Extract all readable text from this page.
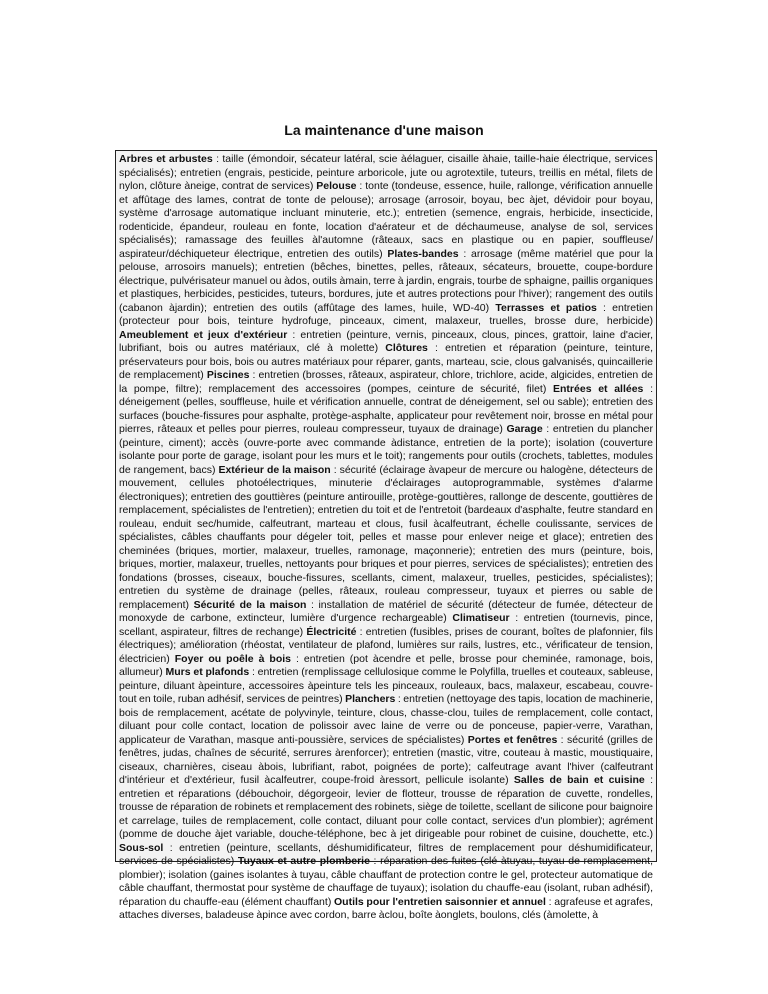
La maintenance d'une maison

Arbres et arbustes : taille (émondoir, sécateur latéral, scie àélaguer, cisaille àhaie, taille-haie électrique, services spécialisés); entretien (engrais, pesticide, peinture arboricole, jute ou agrotextile, tuteurs, treillis en métal, filets de nylon, clôture àneige, contrat de services) Pelouse : tonte (tondeuse, essence, huile, rallonge, vérification annuelle et affûtage des lames, contrat de tonte de pelouse); arrosage (arrosoir, boyau, bec àjet, dévidoir pour boyau, système d'arrosage automatique incluant minuterie, etc.); entretien (semence, engrais, herbicide, insecticide, rodenticide, épandeur, rouleau en fonte, location d'aérateur et de déchaumeuse, analyse de sol, services spécialisés); ramassage des feuilles àl'automne (râteaux, sacs en plastique ou en papier, souffleuse/ aspirateur/déchiqueteur électrique, entretien des outils) Plates-bandes : arrosage (même matériel que pour la pelouse, arrosoirs manuels); entretien (bêches, binettes, pelles, râteaux, sécateurs, brouette, coupe-bordure électrique, pulvérisateur manuel ou àdos, outils àmain, terre à jardin, engrais, tourbe de sphaigne, paillis organiques et plastiques, herbicides, pesticides, tuteurs, bordures, jute et autres protections pour l'hiver); rangement des outils (cabanon àjardin); entretien des outils (affûtage des lames, huile, WD-40) Terrasses et patios : entretien (protecteur pour bois, teinture hydrofuge, pinceaux, ciment, malaxeur, truelles, brosse dure, herbicide) Ameublement et jeux d'extérieur : entretien (peinture, vernis, pinceaux, clous, pinces, grattoir, laine d'acier, lubrifiant, bois ou autres matériaux, clé à molette) Clôtures : entretien et réparation (peinture, teinture, préservateurs pour bois, bois ou autres matériaux pour réparer, gants, marteau, scie, clous galvanisés, quincaillerie de remplacement) Piscines : entretien (brosses, râteaux, aspirateur, chlore, trichlore, acide, algicides, entretien de la pompe, filtre); remplacement des accessoires (pompes, ceinture de sécurité, filet) Entrées et allées : déneigement (pelles, souffleuse, huile et vérification annuelle, contrat de déneigement, sel ou sable); entretien des surfaces (bouche-fissures pour asphalte, protège-asphalte, applicateur pour revêtement noir, brosse en métal pour pierres, râteaux et pelles pour pierres, rouleau compresseur, tuyaux de drainage) Garage : entretien du plancher (peinture, ciment); accès (ouvre-porte avec commande àdistance, entretien de la porte); isolation (couverture isolante pour porte de garage, isolant pour les murs et le toit); rangements pour outils (crochets, tablettes, modules de rangement, bacs) Extérieur de la maison : sécurité (éclairage àvapeur de mercure ou halogène, détecteurs de mouvement, cellules photoélectriques, minuterie d'éclairages autoprogrammable, systèmes d'alarme électroniques); entretien des gouttières (peinture antirouille, protège-gouttières, rallonge de descente, gouttières de remplacement, spécialistes de l'entretien); entretien du toit et de l'entretoit (bardeaux d'asphalte, feutre standard en rouleau, enduit sec/humide, calfeutrant, marteau et clous, fusil àcalfeutrant, échelle coulissante, services de spécialistes, câbles chauffants pour dégeler toit, pelles et masse pour enlever neige et glace); entretien des cheminées (briques, mortier, malaxeur, truelles, ramonage, maçonnerie); entretien des murs (peinture, bois, briques, mortier, malaxeur, truelles, nettoyants pour briques et pour pierres, services de spécialistes); entretien des fondations (brosses, ciseaux, bouche-fissures, scellants, ciment, malaxeur, truelles, pesticides, spécialistes); entretien du système de drainage (pelles, râteaux, rouleau compresseur, tuyaux et pierres ou sable de remplacement) Sécurité de la maison : installation de matériel de sécurité (détecteur de fumée, détecteur de monoxyde de carbone, extincteur, lumière d'urgence rechargeable) Climatiseur : entretien (tournevis, pince, scellant, aspirateur, filtres de rechange) Électricité : entretien (fusibles, prises de courant, boîtes de plafonnier, fils électriques); amélioration (rhéostat, ventilateur de plafond, lumières sur rails, lustres, etc., vérificateur de tension, électricien) Foyer ou poêle à bois : entretien (pot àcendre et pelle, brosse pour cheminée, ramonage, bois, allumeur) Murs et plafonds : entretien (remplissage cellulosique comme le Polyfilla, truelles et couteaux, sableuse, peinture, diluant àpeinture, accessoires àpeinture tels les pinceaux, rouleaux, bacs, malaxeur, escabeau, couvre-tout en toile, ruban adhésif, services de peintres) Planchers : entretien (nettoyage des tapis, location de machinerie, bois de remplacement, acétate de polyvinyle, teinture, clous, chasse-clou, tuiles de remplacement, colle contact, diluant pour colle contact, location de polissoir avec laine de verre ou de ponceuse, papier-verre, Varathan, applicateur de Varathan, masque anti-poussière, services de spécialistes) Portes et fenêtres : sécurité (grilles de fenêtres, judas, chaînes de sécurité, serrures àrenforcer); entretien (mastic, vitre, couteau à mastic, moustiquaire, ciseaux, charnières, ciseau àbois, lubrifiant, rabot, poignées de porte); calfeutrage avant l'hiver (calfeutrant d'intérieur et d'extérieur, fusil àcalfeutrer, coupe-froid àressort, pellicule isolante) Salles de bain et cuisine : entretien et réparations (débouchoir, dégorgeoir, levier de flotteur, trousse de réparation de cuvette, rondelles, trousse de réparation de robinets et remplacement des robinets, siège de toilette, scellant de silicone pour baignoire et carrelage, tuiles de remplacement, colle contact, diluant pour colle contact, services d'un plombier); agrément (pomme de douche àjet variable, douche-téléphone, bec à jet dirigeable pour robinet de cuisine, douchette, etc.) Sous-sol : entretien (peinture, scellants, déshumidificateur, filtres de remplacement pour déshumidificateur, services de spécialistes) Tuyaux et autre plomberie : réparation des fuites (clé àtuyau, tuyau de remplacement, plombier); isolation (gaines isolantes à tuyau, câble chauffant de protection contre le gel, protecteur automatique de câble chauffant, thermostat pour système de chauffage de tuyaux); isolation du chauffe-eau (isolant, ruban adhésif), réparation du chauffe-eau (élément chauffant) Outils pour l'entretien saisonnier et annuel : agrafeuse et agrafes, attaches diverses, baladeuse àpince avec cordon, barre àclou, boîte àonglets, boulons, clés (àmolette, à
